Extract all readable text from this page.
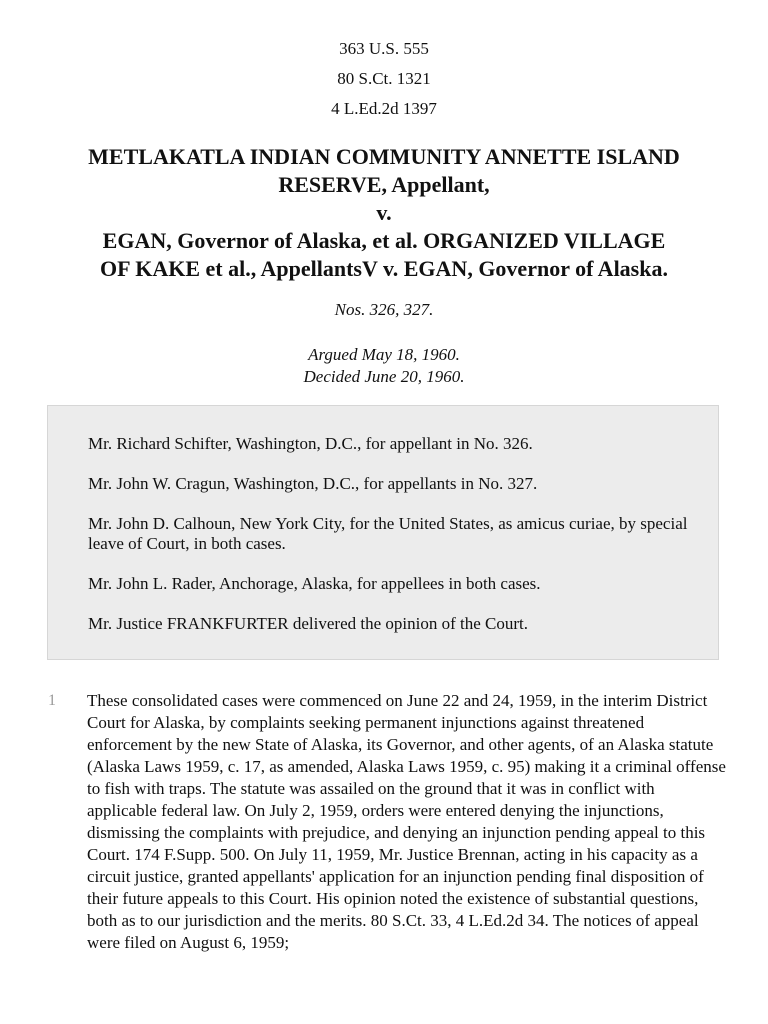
363 U.S. 555
80 S.Ct. 1321
4 L.Ed.2d 1397
METLAKATLA INDIAN COMMUNITY ANNETTE ISLAND
RESERVE, Appellant,
v.
EGAN, Governor of Alaska, et al. ORGANIZED VILLAGE
OF KAKE et al., AppellantsV v. EGAN, Governor of Alaska.
Nos. 326, 327.
Argued May 18, 1960.
Decided June 20, 1960.

Mr. Richard Schifter, Washington, D.C., for appellant in No. 326.

Mr. John W. Cragun, Washington, D.C., for appellants in No. 327.

Mr. John D. Calhoun, New York City, for the United States, as amicus curiae, by special leave of Court, in both cases.

Mr. John L. Rader, Anchorage, Alaska, for appellees in both cases.

Mr. Justice FRANKFURTER delivered the opinion of the Court.

1 These consolidated cases were commenced on June 22 and 24, 1959, in the interim District Court for Alaska, by complaints seeking permanent injunctions against threatened enforcement by the new State of Alaska, its Governor, and other agents, of an Alaska statute (Alaska Laws 1959, c. 17, as amended, Alaska Laws 1959, c. 95) making it a criminal offense to fish with traps. The statute was assailed on the ground that it was in conflict with applicable federal law. On July 2, 1959, orders were entered denying the injunctions, dismissing the complaints with prejudice, and denying an injunction pending appeal to this Court. 174 F.Supp. 500. On July 11, 1959, Mr. Justice Brennan, acting in his capacity as a circuit justice, granted appellants' application for an injunction pending final disposition of their future appeals to this Court. His opinion noted the existence of substantial questions, both as to our jurisdiction and the merits. 80 S.Ct. 33, 4 L.Ed.2d 34. The notices of appeal were filed on August 6, 1959;
